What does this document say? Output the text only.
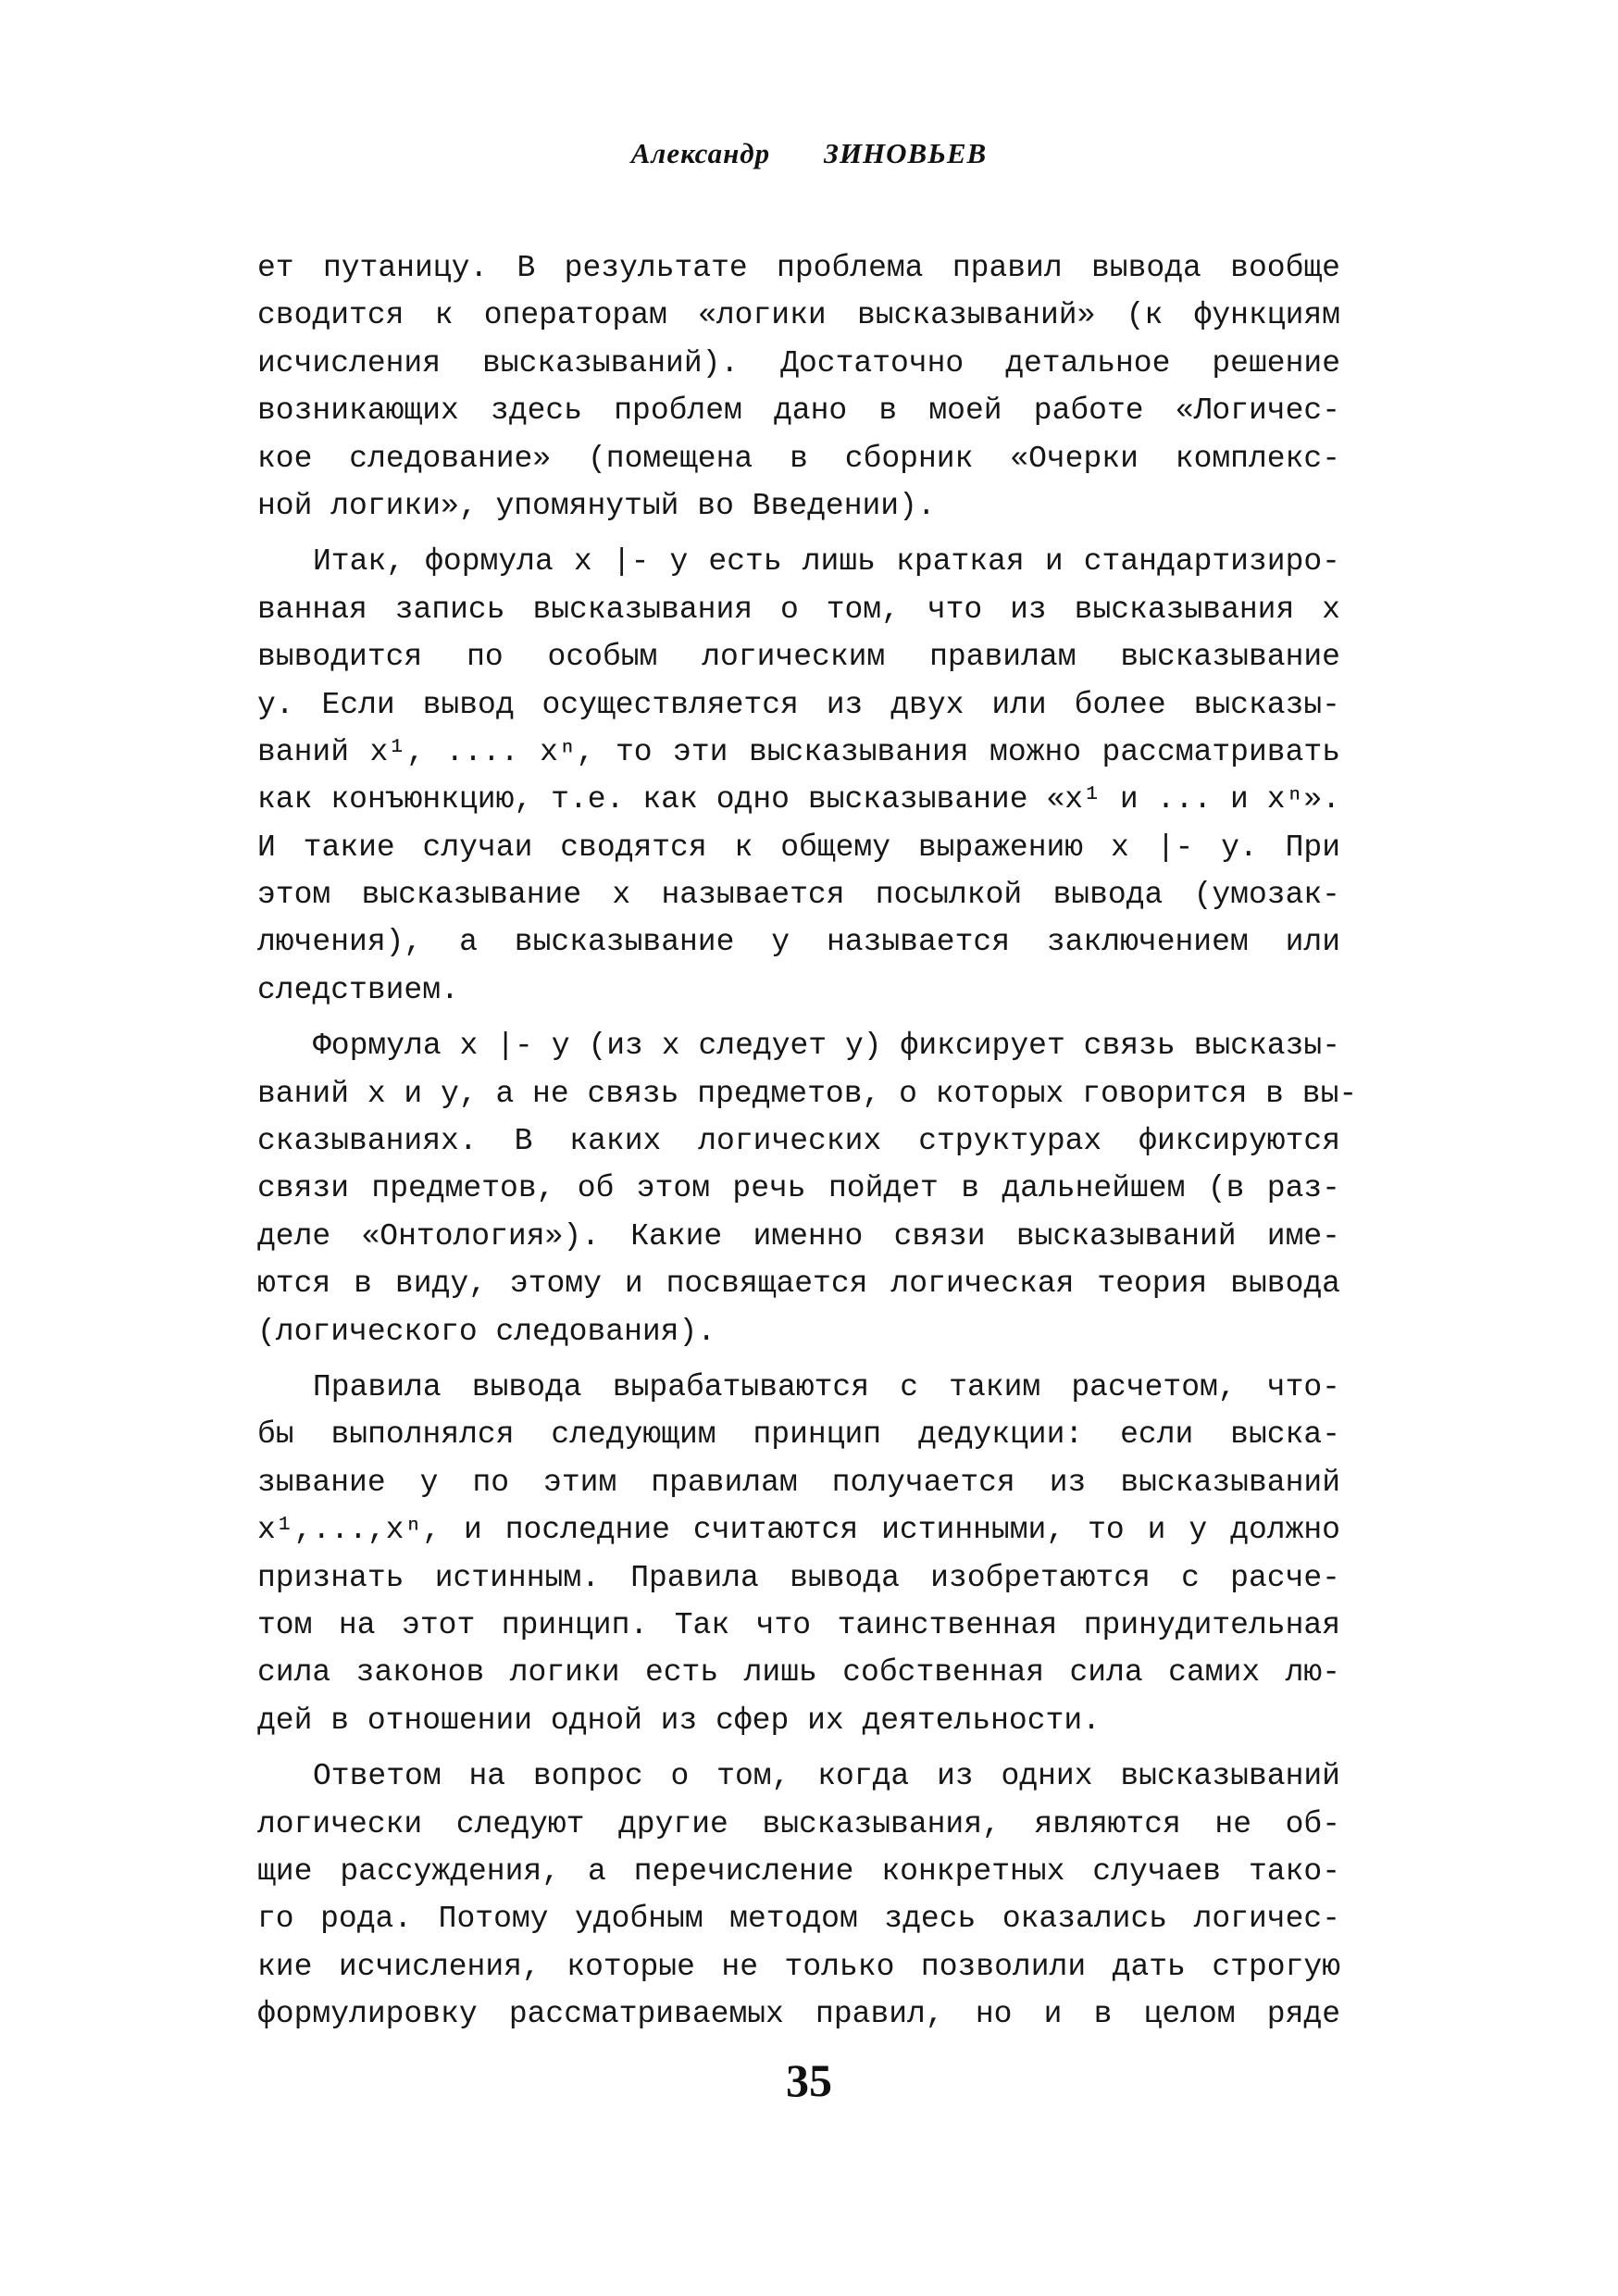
Александр ЗИНОВЬЕВ
ет путаницу. В результате проблема правил вывода вообще
сводится к операторам «логики высказываний» (к функциям
исчисления высказываний). Достаточно детальное решение
возникающих здесь проблем дано в моей работе «Логичес-
кое следование» (помещена в сборник «Очерки комплекс-
ной логики», упомянутый во Введении).
Итак, формула x |- y есть лишь краткая и стандартизиро-
ванная запись высказывания о том, что из высказывания x
выводится по особым логическим правилам высказывание
y. Если вывод осуществляется из двух или более высказы-
ваний x¹, .... xⁿ, то эти высказывания можно рассматривать
как конъюнкцию, т.е. как одно высказывание «x¹ и ... и xⁿ».
И такие случаи сводятся к общему выражению x |- y. При
этом высказывание x называется посылкой вывода (умозак-
лючения), а высказывание y называется заключением или
следствием.
Формула x |- y (из x следует y) фиксирует связь высказы-
ваний x и y, а не связь предметов, о которых говорится в вы-
сказываниях. В каких логических структурах фиксируются
связи предметов, об этом речь пойдет в дальнейшем (в раз-
деле «Онтология»). Какие именно связи высказываний име-
ются в виду, этому и посвящается логическая теория вывода
(логического следования).
Правила вывода вырабатываются с таким расчетом, что-
бы выполнялся следующим принцип дедукции: если выска-
зывание y по этим правилам получается из высказываний
x¹,...,xⁿ, и последние считаются истинными, то и y должно
признать истинным. Правила вывода изобретаются с расче-
том на этот принцип. Так что таинственная принудительная
сила законов логики есть лишь собственная сила самих лю-
дей в отношении одной из сфер их деятельности.
Ответом на вопрос о том, когда из одних высказываний
логически следуют другие высказывания, являются не об-
щие рассуждения, а перечисление конкретных случаев тако-
го рода. Потому удобным методом здесь оказались логичес-
кие исчисления, которые не только позволили дать строгую
формулировку рассматриваемых правил, но и в целом ряде
35
